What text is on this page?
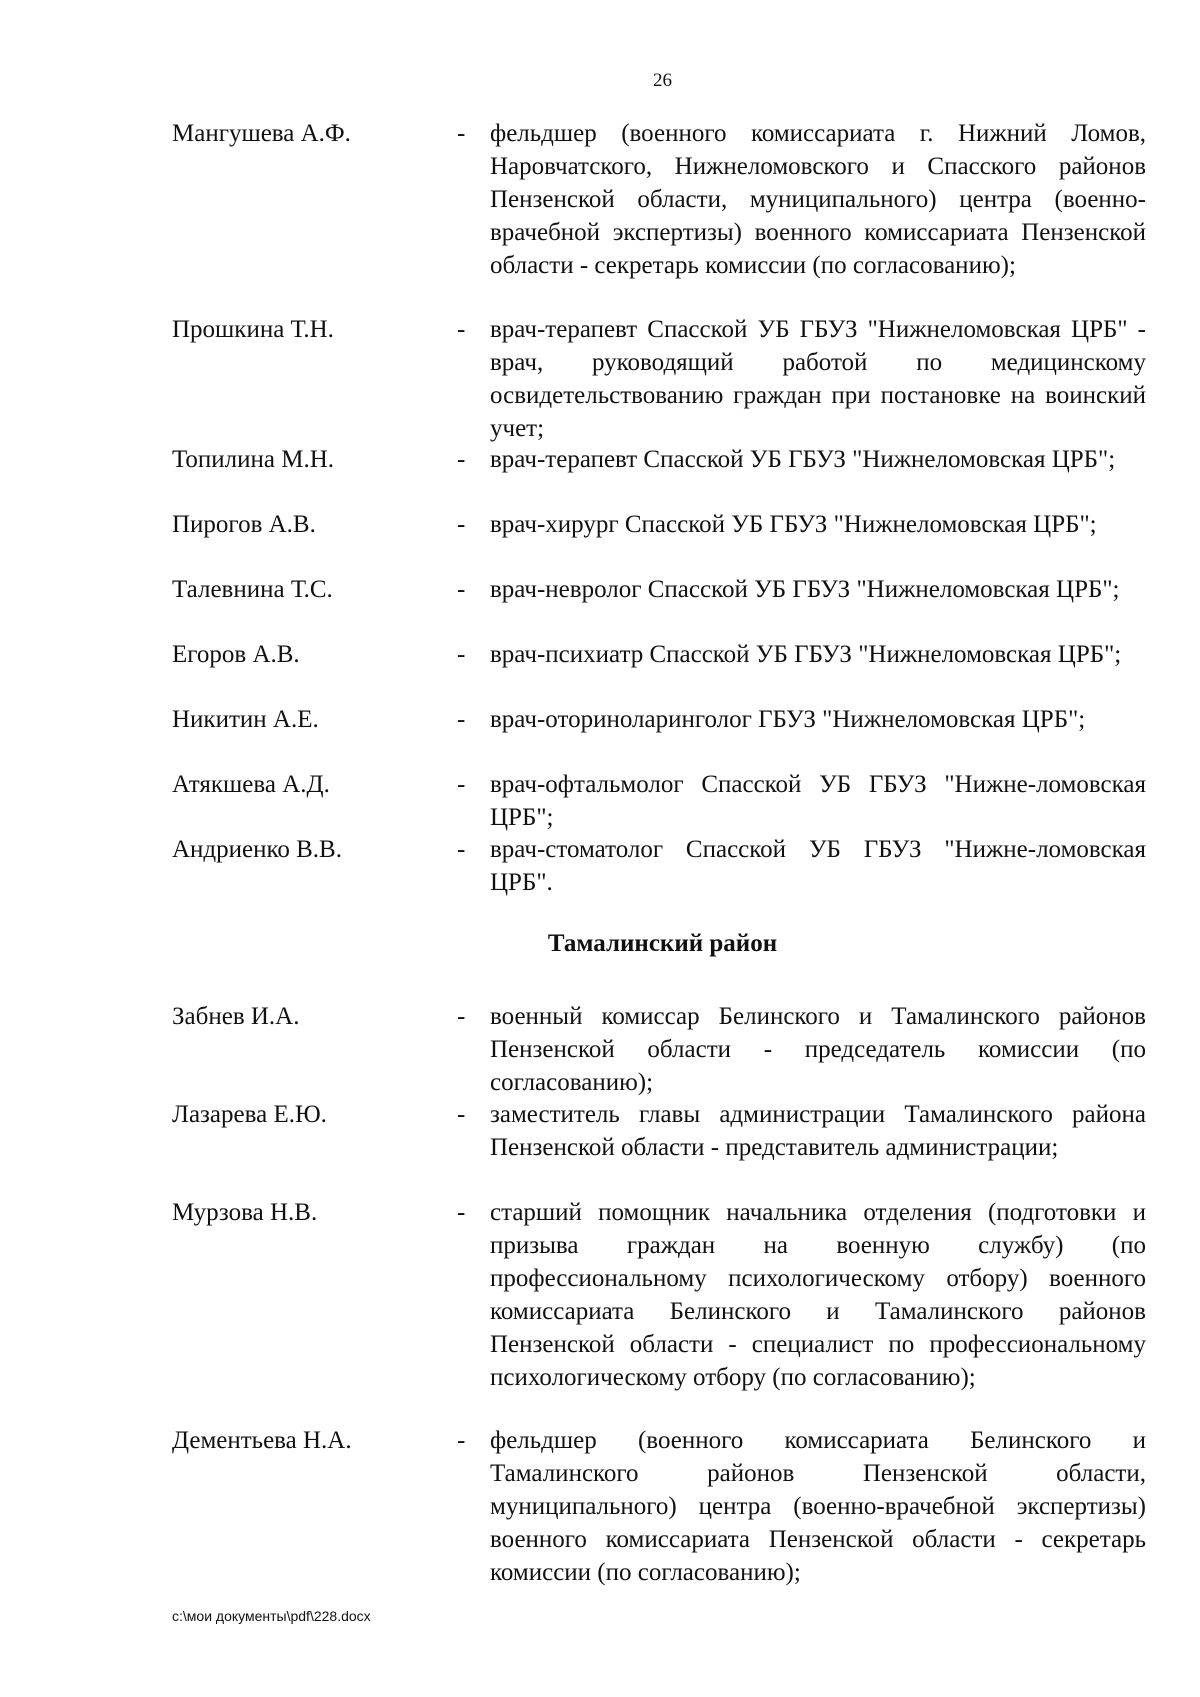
26
Мангушева А.Ф.	- фельдшер (военного комиссариата г. Нижний Ломов, Наровчатского, Нижнеломовского и Спасского районов Пензенской области, муниципального) центра (военно-врачебной экспертизы) военного комиссариата Пензенской области - секретарь комиссии (по согласованию);
Прошкина Т.Н.	- врач-терапевт Спасской УБ ГБУЗ "Нижнеломовская ЦРБ" - врач, руководящий работой по медицинскому освидетельствованию граждан при постановке на воинский учет;
Топилина М.Н.	- врач-терапевт Спасской УБ ГБУЗ "Нижнеломовская ЦРБ";
Пирогов А.В.	- врач-хирург Спасской УБ ГБУЗ "Нижнеломовская ЦРБ";
Талевнина Т.С.	- врач-невролог Спасской УБ ГБУЗ "Нижнеломовская ЦРБ";
Егоров А.В.	- врач-психиатр Спасской УБ ГБУЗ "Нижнеломовская ЦРБ";
Никитин А.Е.	- врач-оториноларинголог ГБУЗ "Нижнеломовская ЦРБ";
Атякшева А.Д.	- врач-офтальмолог Спасской УБ ГБУЗ "Нижне-ломовская ЦРБ";
Андриенко В.В.	- врач-стоматолог Спасской УБ ГБУЗ "Нижне-ломовская ЦРБ".
Тамалинский район
Забнев И.А.	- военный комиссар Белинского и Тамалинского районов Пензенской области - председатель комиссии (по согласованию);
Лазарева Е.Ю.	- заместитель главы администрации Тамалинского района Пензенской области - представитель администрации;
Мурзова Н.В.	- старший помощник начальника отделения (подготовки и призыва граждан на военную службу) (по профессиональному психологическому отбору) военного комиссариата Белинского и Тамалинского районов Пензенской области - специалист по профессиональному психологическому отбору (по согласованию);
Дементьева Н.А.	- фельдшер (военного комиссариата Белинского и Тамалинского районов Пензенской области, муниципального) центра (военно-врачебной экспертизы) военного комиссариата Пензенской области - секретарь комиссии (по согласованию);
c:\мои документы\pdf\228.docx
